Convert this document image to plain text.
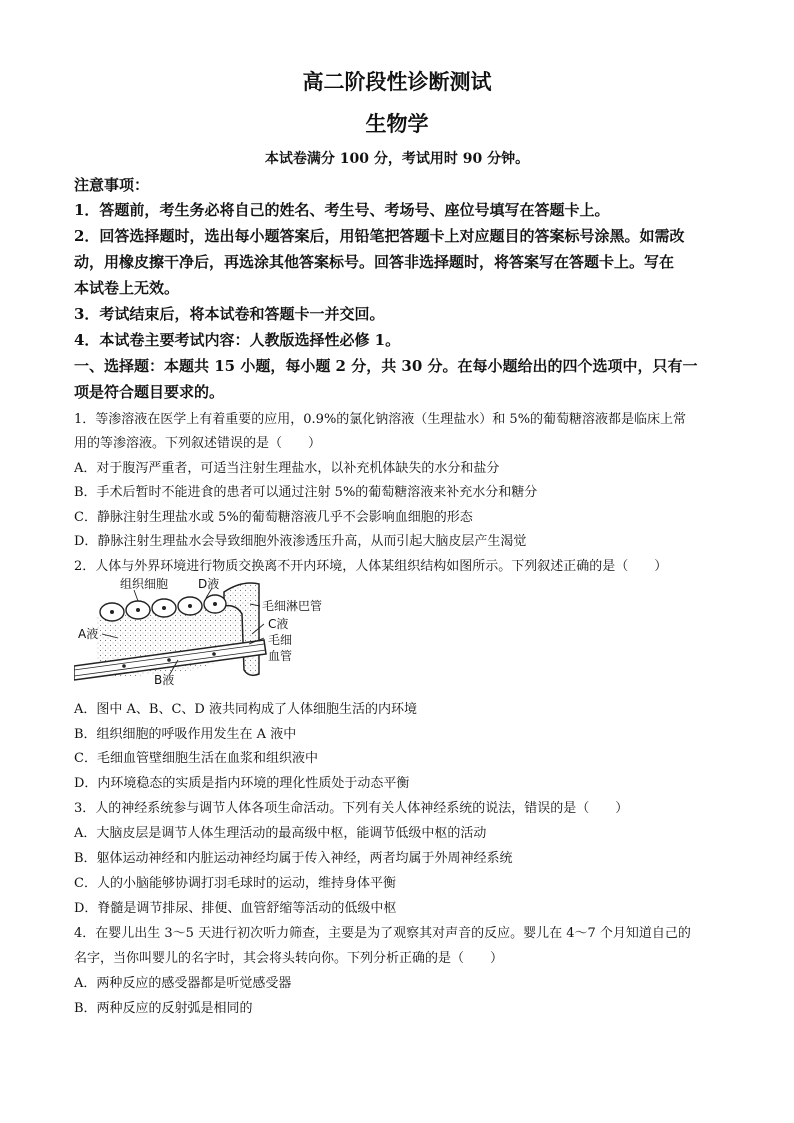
高二阶段性诊断测试
生物学
本试卷满分 100 分，考试用时 90 分钟。
注意事项：
1．答题前，考生务必将自己的姓名、考生号、考场号、座位号填写在答题卡上。
2．回答选择题时，选出每小题答案后，用铅笔把答题卡上对应题目的答案标号涂黑。如需改
动，用橡皮擦干净后，再选涂其他答案标号。回答非选择题时，将答案写在答题卡上。写在
本试卷上无效。
3．考试结束后，将本试卷和答题卡一并交回。
4．本试卷主要考试内容：人教版选择性必修 1。
一、选择题：本题共 15 小题，每小题 2 分，共 30 分。在每小题给出的四个选项中，只有一
项是符合题目要求的。
1．等渗溶液在医学上有着重要的应用，0.9%的氯化钠溶液（生理盐水）和 5%的葡萄糖溶液都是临床上常
用的等渗溶液。下列叙述错误的是（　　）
A．对于腹泻严重者，可适当注射生理盐水，以补充机体缺失的水分和盐分
B．手术后暂时不能进食的患者可以通过注射 5%的葡萄糖溶液来补充水分和糖分
C．静脉注射生理盐水或 5%的葡萄糖溶液几乎不会影响血细胞的形态
D．静脉注射生理盐水会导致细胞外液渗透压升高，从而引起大脑皮层产生渴觉
2．人体与外界环境进行物质交换离不开内环境，人体某组织结构如图所示。下列叙述正确的是（　　）
组织细胞 D液
毛细淋巴管
C液
A液	毛细
血管
B液
A．图中 A、B、C、D 液共同构成了人体细胞生活的内环境
B．组织细胞的呼吸作用发生在 A 液中
C．毛细血管壁细胞生活在血浆和组织液中
D．内环境稳态的实质是指内环境的理化性质处于动态平衡
3．人的神经系统参与调节人体各项生命活动。下列有关人体神经系统的说法，错误的是（　　）
A．大脑皮层是调节人体生理活动的最高级中枢，能调节低级中枢的活动
B．躯体运动神经和内脏运动神经均属于传入神经，两者均属于外周神经系统
C．人的小脑能够协调打羽毛球时的运动，维持身体平衡
D．脊髓是调节排尿、排便、血管舒缩等活动的低级中枢
4．在婴儿出生 3～5 天进行初次听力筛查，主要是为了观察其对声音的反应。婴儿在 4～7 个月知道自己的
名字，当你叫婴儿的名字时，其会将头转向你。下列分析正确的是（　　）
A．两种反应的感受器都是听觉感受器
B．两种反应的反射弧是相同的
